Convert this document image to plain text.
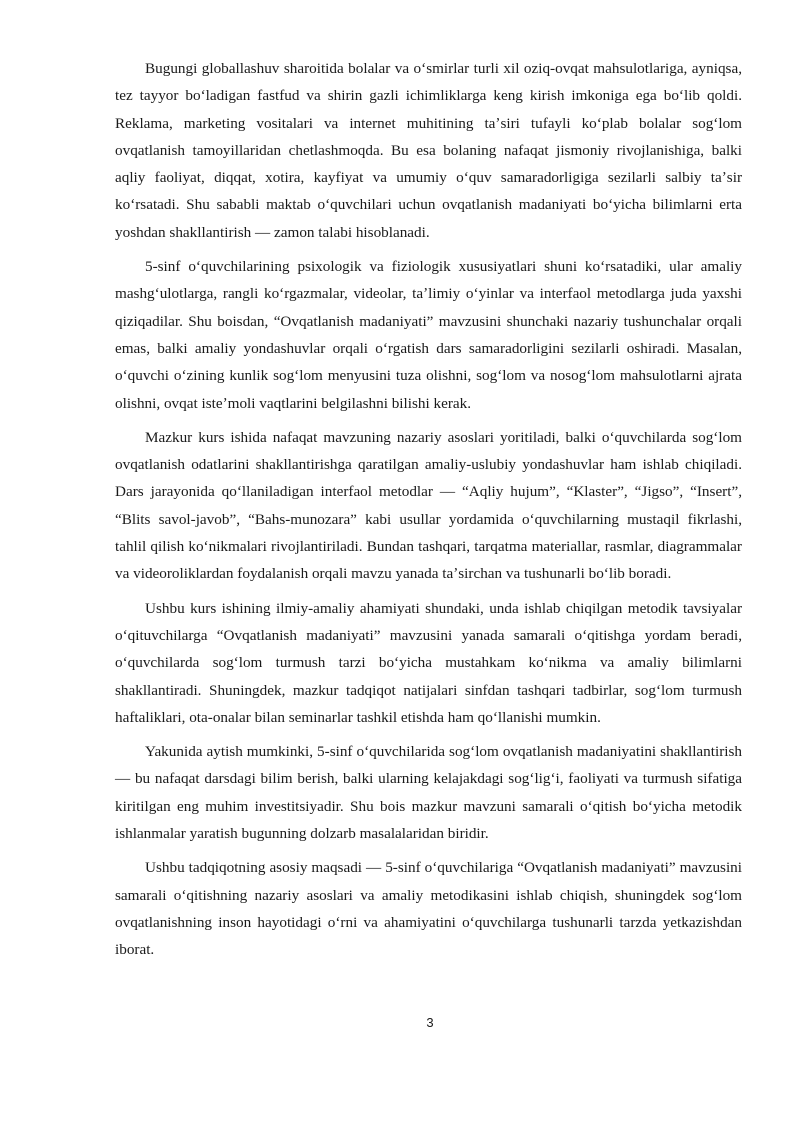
Bugungi globallashuv sharoitida bolalar va oʻsmirlar turli xil oziq-ovqat mahsulotlariga, ayniqsa, tez tayyor boʻladigan fastfud va shirin gazli ichimliklarga keng kirish imkoniga ega boʻlib qoldi. Reklama, marketing vositalari va internet muhitining taʼsiri tufayli koʻplab bolalar sogʻlom ovqatlanish tamoyillaridan chetlashmoqda. Bu esa bolaning nafaqat jismoniy rivojlanishiga, balki aqliy faoliyat, diqqat, xotira, kayfiyat va umumiy oʻquv samaradorligiga sezilarli salbiy taʼsir koʻrsatadi. Shu sababli maktab oʻquvchilari uchun ovqatlanish madaniyati boʻyicha bilimlarni erta yoshdan shakllantirish — zamon talabi hisoblanadi.

5-sinf oʻquvchilarining psixologik va fiziologik xususiyatlari shuni koʻrsatadiki, ular amaliy mashgʻulotlarga, rangli koʻrgazmalar, videolar, taʼlimiy oʻyinlar va interfaol metodlarga juda yaxshi qiziqadilar. Shu boisdan, “Ovqatlanish madaniyati” mavzusini shunchaki nazariy tushunchalar orqali emas, balki amaliy yondashuvlar orqali oʻrgatish dars samaradorligini sezilarli oshiradi. Masalan, oʻquvchi oʻzining kunlik sogʻlom menyusini tuza olishni, sogʻlom va nosogʻlom mahsulotlarni ajrata olishni, ovqat isteʼmoli vaqtlarini belgilashni bilishi kerak.

Mazkur kurs ishida nafaqat mavzuning nazariy asoslari yoritiladi, balki oʻquvchilarda sogʻlom ovqatlanish odatlarini shakllantirishga qaratilgan amaliy-uslubiy yondashuvlar ham ishlab chiqiladi. Dars jarayonida qoʻllaniladigan interfaol metodlar — “Aqliy hujum”, “Klaster”, “Jigso”, “Insert”, “Blits savol-javob”, “Bahs-munozara” kabi usullar yordamida oʻquvchilarning mustaqil fikrlashi, tahlil qilish koʻnikmalari rivojlantiriladi. Bundan tashqari, tarqatma materiallar, rasmlar, diagrammalar va videoroliklardan foydalanish orqali mavzu yanada taʼsirchan va tushunarli boʻlib boradi.

Ushbu kurs ishining ilmiy-amaliy ahamiyati shundaki, unda ishlab chiqilgan metodik tavsiyalar oʻqituvchilarga “Ovqatlanish madaniyati” mavzusini yanada samarali oʻqitishga yordam beradi, oʻquvchilarda sogʻlom turmush tarzi boʻyicha mustahkam koʻnikma va amaliy bilimlarni shakllantiradi. Shuningdek, mazkur tadqiqot natijalari sinfdan tashqari tadbirlar, sogʻlom turmush haftaliklari, ota-onalar bilan seminarlar tashkil etishda ham qoʻllanishi mumkin.

Yakunida aytish mumkinki, 5-sinf oʻquvchilarida sogʻlom ovqatlanish madaniyatini shakllantirish — bu nafaqat darsdagi bilim berish, balki ularning kelajakdagi sogʻligʻi, faoliyati va turmush sifatiga kiritilgan eng muhim investitsiyadir. Shu bois mazkur mavzuni samarali oʻqitish boʻyicha metodik ishlanmalar yaratish bugunning dolzarb masalalaridan biridir.

Ushbu tadqiqotning asosiy maqsadi — 5-sinf oʻquvchilariga “Ovqatlanish madaniyati” mavzusini samarali oʻqitishning nazariy asoslari va amaliy metodikasini ishlab chiqish, shuningdek sogʻlom ovqatlanishning inson hayotidagi oʻrni va ahamiyatini oʻquvchilarga tushunarli tarzda yetkazishdan iborat.

3
